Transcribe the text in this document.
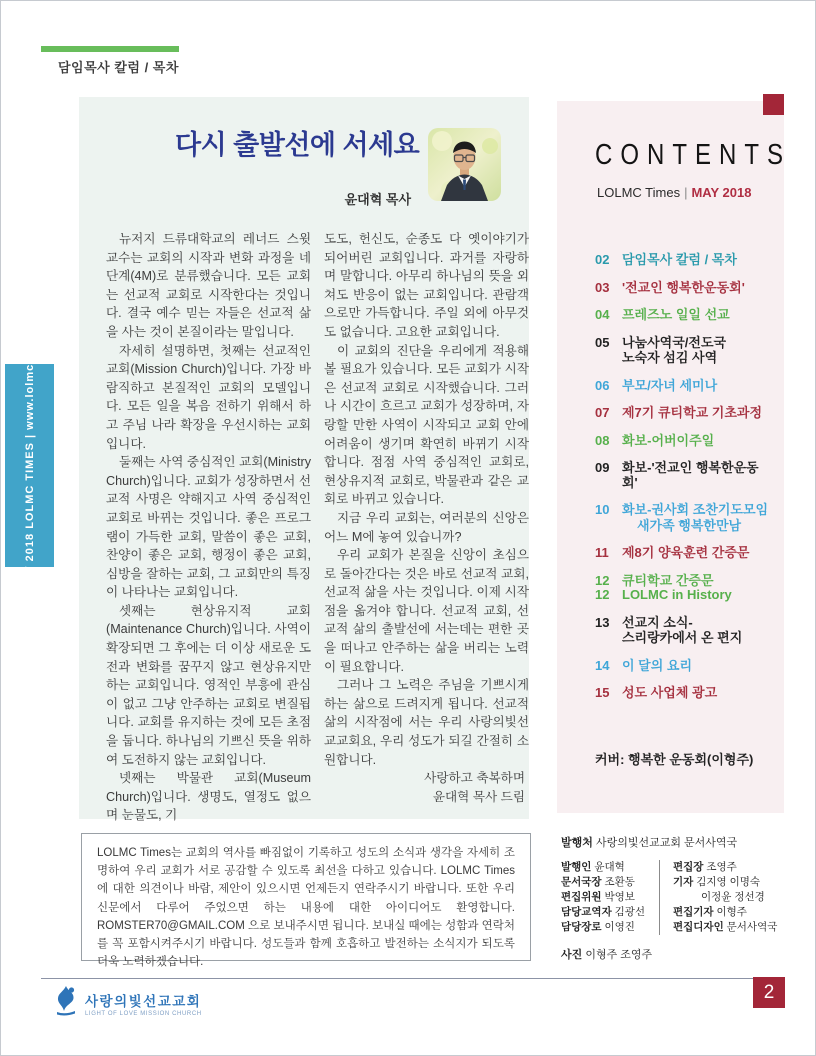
담임목사 칼럼 / 목차
MAY 2018 LOLMC TIMES | www.lolmc.org
다시 출발선에 서세요
윤대혁 목사

뉴저지 드류대학교의 레너드 스윗 교수는 교회의 시작과 변화 과정을 네 단계(4M)로 분류했습니다. 모든 교회는 선교적 교회로 시작한다는 것입니다. 결국 예수 믿는 자들은 선교적 삶을 사는 것이 본질이라는 말입니다.

자세히 설명하면, 첫째는 선교적인 교회(Mission Church)입니다. 가장 바람직하고 본질적인 교회의 모델입니다. 모든 일을 복음 전하기 위해서 하고 주님 나라 확장을 우선시하는 교회입니다.

둘째는 사역 중심적인 교회(Ministry Church)입니다. 교회가 성장하면서 선교적 사명은 약해지고 사역 중심적인 교회로 바뀌는 것입니다. 좋은 프로그램이 가득한 교회, 말씀이 좋은 교회, 찬양이 좋은 교회, 행정이 좋은 교회, 심방을 잘하는 교회, 그 교회만의 특징이 나타나는 교회입니다.

셋째는 현상유지적 교회(Maintenance Church)입니다. 사역이 확장되면 그 후에는 더 이상 새로운 도전과 변화를 꿈꾸지 않고 현상유지만 하는 교회입니다. 영적인 부흥에 관심이 없고 그냥 안주하는 교회로 변질됩니다. 교회를 유지하는 것에 모든 초점을 둡니다. 하나님의 기쁘신 뜻을 위하여 도전하지 않는 교회입니다.

넷째는 박물관 교회(Museum Church)입니다. 생명도, 열정도 없으며 눈물도, 기

도도, 헌신도, 순종도 다 옛이야기가 되어버린 교회입니다. 과거를 자랑하며 말합니다. 아무리 하나님의 뜻을 외쳐도 반응이 없는 교회입니다. 관람객으로만 가득합니다. 주일 외에 아무것도 없습니다. 고요한 교회입니다.

이 교회의 진단을 우리에게 적용해볼 필요가 있습니다. 모든 교회가 시작은 선교적 교회로 시작했습니다. 그러나 시간이 흐르고 교회가 성장하며, 자랑할 만한 사역이 시작되고 교회 안에 어려움이 생기며 확연히 바뀌기 시작합니다. 점점 사역 중심적인 교회로, 현상유지적 교회로, 박물관과 같은 교회로 바뀌고 있습니다.

지금 우리 교회는, 여러분의 신앙은 어느 M에 놓여 있습니까?

우리 교회가 본질을 신앙이 초심으로 돌아간다는 것은 바로 선교적 교회, 선교적 삶을 사는 것입니다. 이제 시작점을 옮겨야 합니다. 선교적 교회, 선교적 삶의 출발선에 서는데는 편한 곳을 떠나고 안주하는 삶을 버리는 노력이 필요합니다.

그러나 그 노력은 주님을 기쁘시게 하는 삶으로 드려지게 됩니다. 선교적 삶의 시작점에 서는 우리 사랑의빛선교교회요, 우리 성도가 되길 간절히 소원합니다.

사랑하고 축복하며
윤대혁 목사 드림
CONTENTS
LOLMC Times | MAY 2018
02 담임목사 칼럼 / 목차
03 '전교인 행복한운동회'
04 프레즈노 일일 선교
05 나눔사역국/전도국
노숙자 섬김 사역
06 부모/자녀 세미나
07 제7기 큐티학교 기초과정
08 화보-어버이주일
09 화보-'전교인 행복한운동회'
10 화보-권사회 조찬기도모임
새가족 행복한만남
11 제8기 양육훈련 간증문
12 큐티학교 간증문
12 LOLMC in History
13 선교지 소식-
스리랑카에서 온 편지
14 이 달의 요리
15 성도 사업체 광고
커버: 행복한 운동회(이형주)

LOLMC Times는 교회의 역사를 빠짐없이 기록하고 성도의 소식과 생각을 자세히 조명하여 우리 교회가 서로 공감할 수 있도록 최선을 다하고 있습니다. LOLMC Times에 대한 의견이나 바람, 제안이 있으시면 언제든지 연락주시기 바랍니다. 또한 우리 신문에서 다루어 주었으면 하는 내용에 대한 아이디어도 환영합니다. ROMSTER70@GMAIL.COM 으로 보내주시면 됩니다. 보내실 때에는 성함과 연락처를 꼭 포함시켜주시기 바랍니다. 성도들과 함께 호흡하고 발전하는 소식지가 되도록 더욱 노력하겠습니다.

발행처 사랑의빛선교교회 문서사역국
발행인 윤대혁
문서국장 조환동
편집위원 박영보
담당교역자 김광선
담당장로 이영진
편집장 조영주
기자 김지영 이명숙
이정윤 정선경
편집기자 이형주
편집디자인 문서사역국
사진 이형주 조영주
사랑의빛선교교회
LIGHT OF LOVE MISSION CHURCH
2
